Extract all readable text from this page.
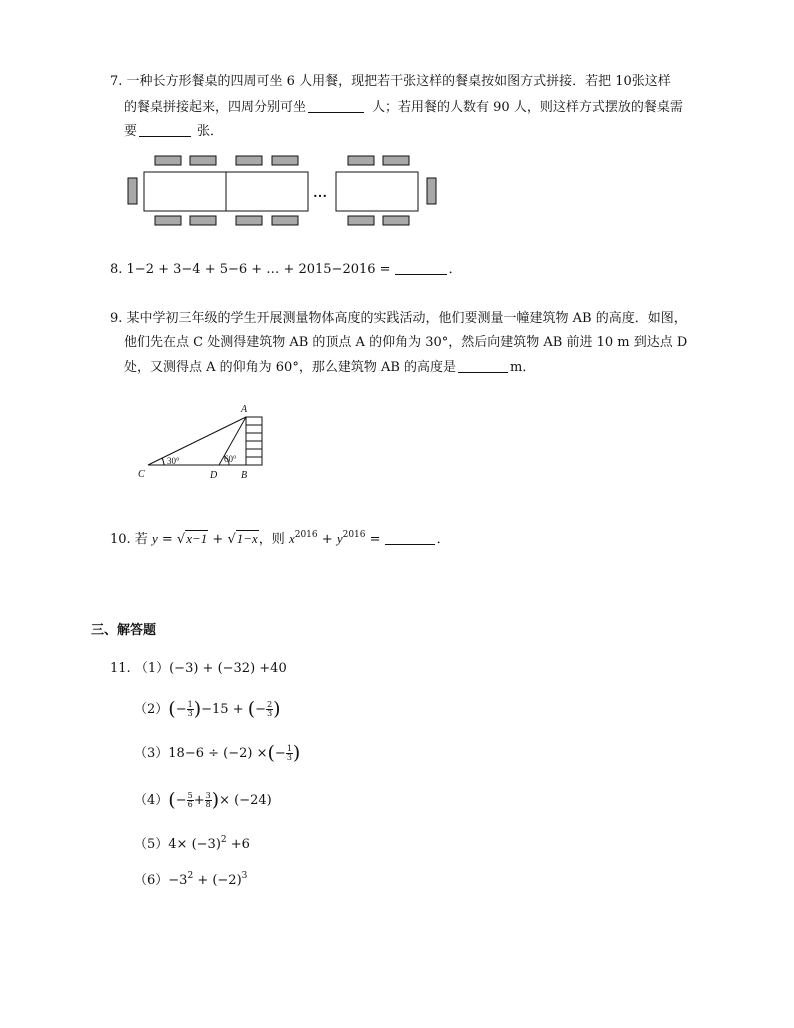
7. 一种长方形餐桌的四周可坐 6 人用餐，现把若干张这样的餐桌按如图方式拼接．若把 10张这样
的餐桌拼接起来，四周分别可坐	人；若用餐的人数有 90 人，则这样方式摆放的餐桌需
要	张．
…
8. 1−2 + 3−4 + 5−6 + … + 2015−2016 =	．
9. 某中学初三年级的学生开展测量物体高度的实践活动，他们要测量一幢建筑物 AB 的高度．如图，
他们先在点 C 处测得建筑物 AB 的顶点 A 的仰角为 30°，然后向建筑物 AB 前进 10 m 到达点 D
处，又测得点 A 的仰角为 60°，那么建筑物 AB 的高度是	m．
A
B
C	D
30°	60°
10. 若 y = √x−1 + √1−x，则 $x^{2016} + y^{2016}$ =	．
三、解答题
11. （1）(−3) + (−32) +40
$(2)(- \frac{1}{3} )-15$ + (− $\frac{2}{3}$ )
（3）18−6 ÷ (−2) ×(− $\frac{1}{3}$ )
$(4)(- \frac{5}{6} + \frac{3}{8}$ )× (−24)
$(5)4\times (-3)^2 +6$
$(6)-3^2 + (-2)^3$
